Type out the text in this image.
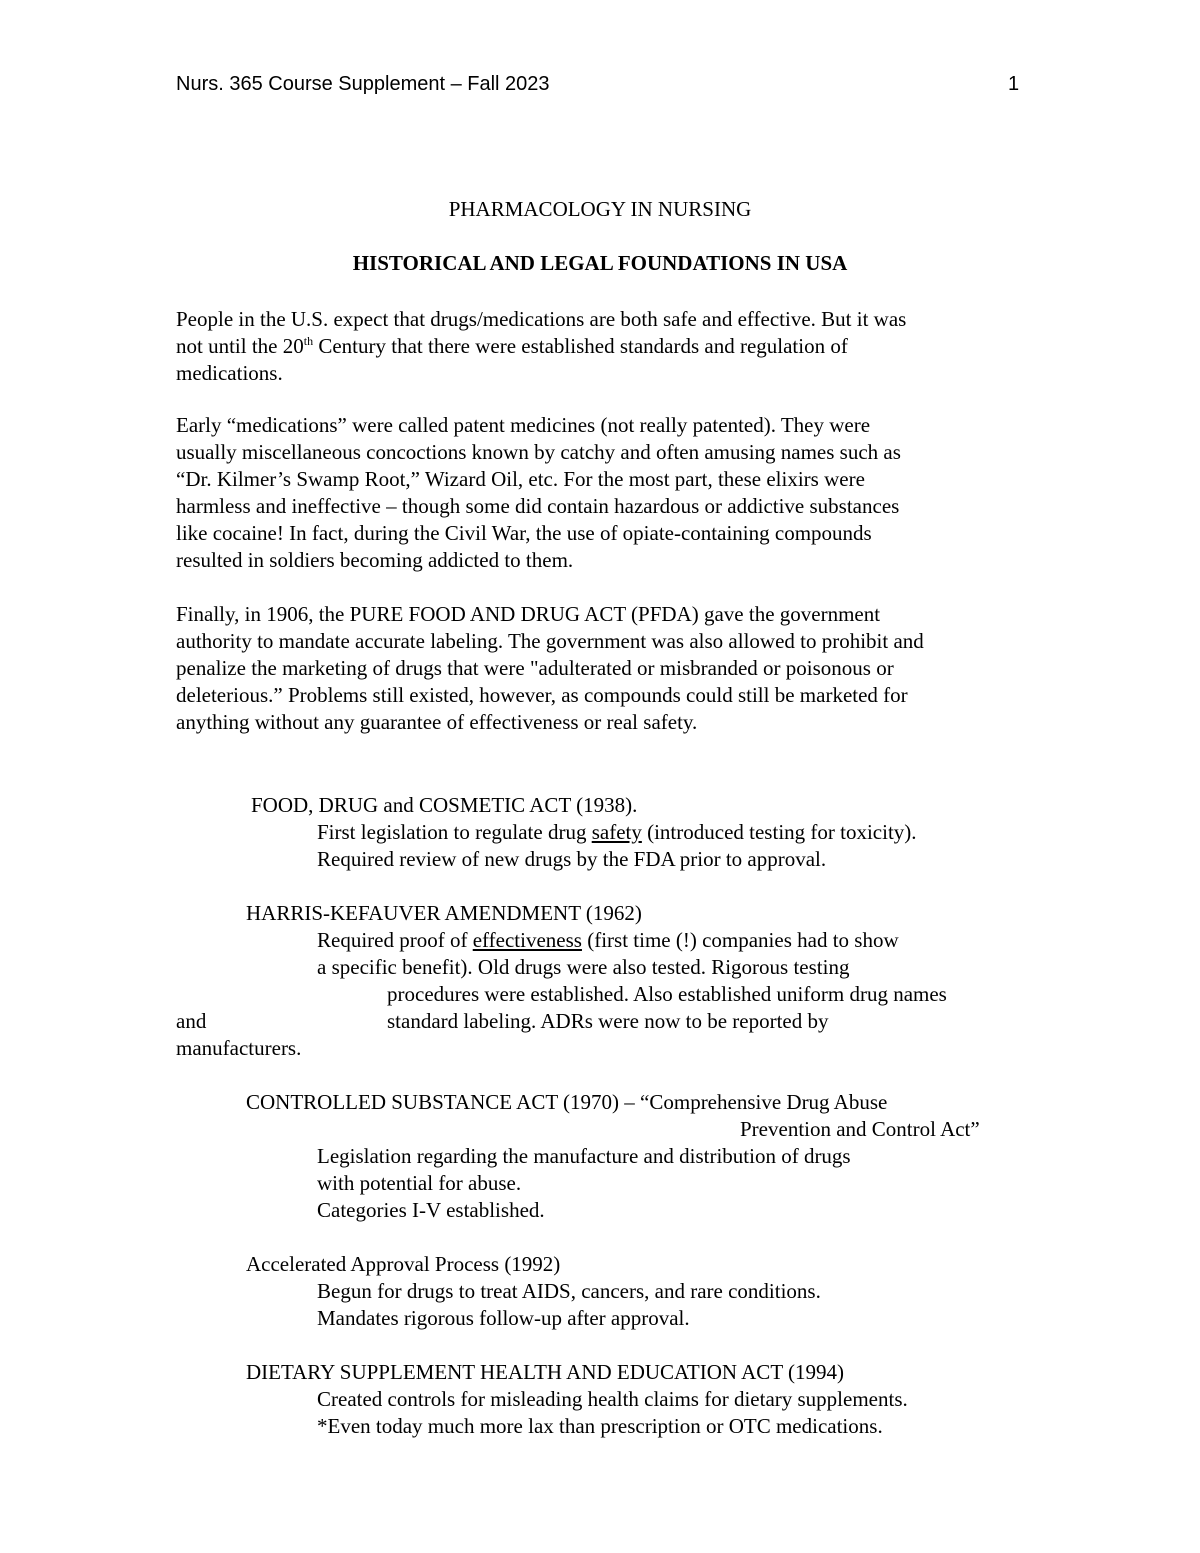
Nurs. 365 Course Supplement – Fall 2023	1
PHARMACOLOGY IN NURSING
HISTORICAL AND LEGAL FOUNDATIONS IN USA
People in the U.S. expect that drugs/medications are both safe and effective. But it was
not until the 20th Century that there were established standards and regulation of
medications.
Early “medications” were called patent medicines (not really patented). They were
usually miscellaneous concoctions known by catchy and often amusing names such as
“Dr. Kilmer’s Swamp Root,” Wizard Oil, etc. For the most part, these elixirs were
harmless and ineffective – though some did contain hazardous or addictive substances
like cocaine! In fact, during the Civil War, the use of opiate-containing compounds
resulted in soldiers becoming addicted to them.
Finally, in 1906, the PURE FOOD AND DRUG ACT (PFDA) gave the government
authority to mandate accurate labeling. The government was also allowed to prohibit and
penalize the marketing of drugs that were "adulterated or misbranded or poisonous or
deleterious.” Problems still existed, however, as compounds could still be marketed for
anything without any guarantee of effectiveness or real safety.
FOOD, DRUG and COSMETIC ACT (1938).
First legislation to regulate drug safety (introduced testing for toxicity).
Required review of new drugs by the FDA prior to approval.
HARRIS-KEFAUVER AMENDMENT (1962)
Required proof of effectiveness (first time (!) companies had to show
a specific benefit). Old drugs were also tested. Rigorous testing
procedures were established. Also established uniform drug names
and	standard labeling. ADRs were now to be reported by
manufacturers.
CONTROLLED SUBSTANCE ACT (1970) – “Comprehensive Drug Abuse
Prevention and Control Act”
Legislation regarding the manufacture and distribution of drugs
with potential for abuse.
Categories I-V established.
Accelerated Approval Process (1992)
Begun for drugs to treat AIDS, cancers, and rare conditions.
Mandates rigorous follow-up after approval.
DIETARY SUPPLEMENT HEALTH AND EDUCATION ACT (1994)
Created controls for misleading health claims for dietary supplements.
*Even today much more lax than prescription or OTC medications.
